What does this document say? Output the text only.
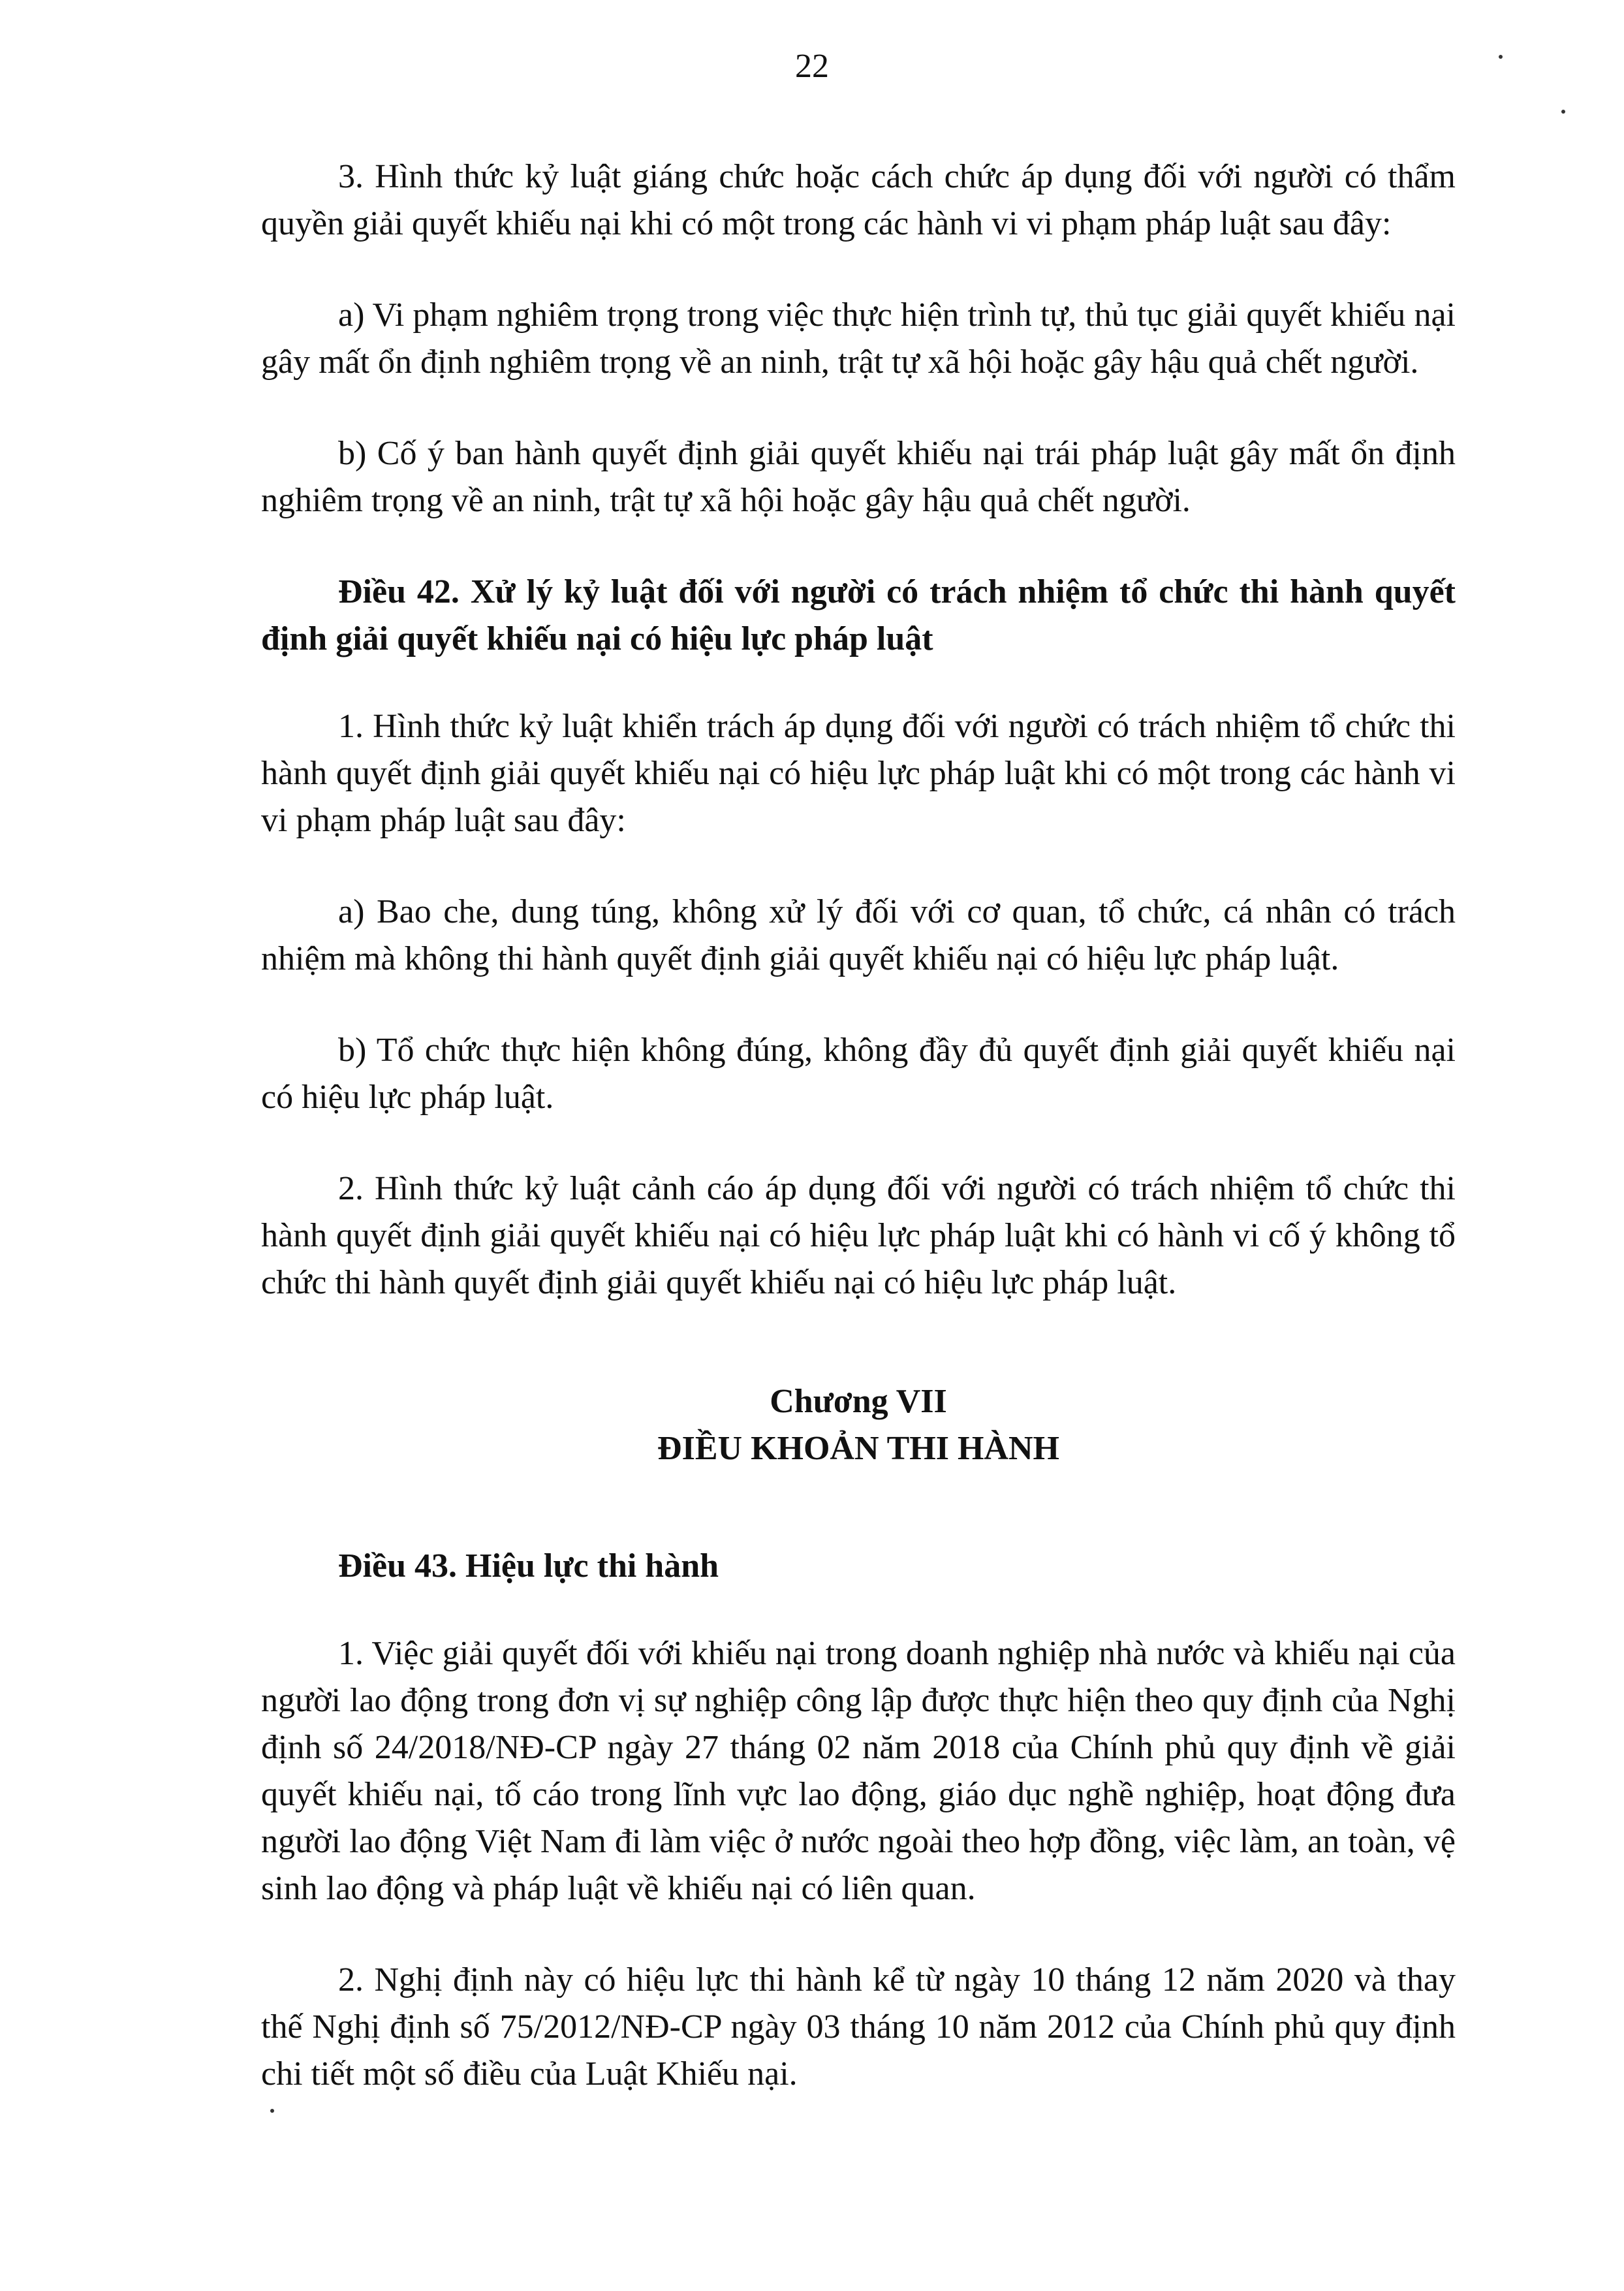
22

3. Hình thức kỷ luật giáng chức hoặc cách chức áp dụng đối với người có thẩm quyền giải quyết khiếu nại khi có một trong các hành vi vi phạm pháp luật sau đây:

a) Vi phạm nghiêm trọng trong việc thực hiện trình tự, thủ tục giải quyết khiếu nại gây mất ổn định nghiêm trọng về an ninh, trật tự xã hội hoặc gây hậu quả chết người.

b) Cố ý ban hành quyết định giải quyết khiếu nại trái pháp luật gây mất ổn định nghiêm trọng về an ninh, trật tự xã hội hoặc gây hậu quả chết người.

Điều 42. Xử lý kỷ luật đối với người có trách nhiệm tổ chức thi hành quyết định giải quyết khiếu nại có hiệu lực pháp luật

1. Hình thức kỷ luật khiển trách áp dụng đối với người có trách nhiệm tổ chức thi hành quyết định giải quyết khiếu nại có hiệu lực pháp luật khi có một trong các hành vi vi phạm pháp luật sau đây:

a) Bao che, dung túng, không xử lý đối với cơ quan, tổ chức, cá nhân có trách nhiệm mà không thi hành quyết định giải quyết khiếu nại có hiệu lực pháp luật.

b) Tổ chức thực hiện không đúng, không đầy đủ quyết định giải quyết khiếu nại có hiệu lực pháp luật.

2. Hình thức kỷ luật cảnh cáo áp dụng đối với người có trách nhiệm tổ chức thi hành quyết định giải quyết khiếu nại có hiệu lực pháp luật khi có hành vi cố ý không tổ chức thi hành quyết định giải quyết khiếu nại có hiệu lực pháp luật.

Chương VII
ĐIỀU KHOẢN THI HÀNH
Điều 43. Hiệu lực thi hành

1. Việc giải quyết đối với khiếu nại trong doanh nghiệp nhà nước và khiếu nại của người lao động trong đơn vị sự nghiệp công lập được thực hiện theo quy định của Nghị định số 24/2018/NĐ-CP ngày 27 tháng 02 năm 2018 của Chính phủ quy định về giải quyết khiếu nại, tố cáo trong lĩnh vực lao động, giáo dục nghề nghiệp, hoạt động đưa người lao động Việt Nam đi làm việc ở nước ngoài theo hợp đồng, việc làm, an toàn, vệ sinh lao động và pháp luật về khiếu nại có liên quan.

2. Nghị định này có hiệu lực thi hành kể từ ngày 10 tháng 12 năm 2020 và thay thế Nghị định số 75/2012/NĐ-CP ngày 03 tháng 10 năm 2012 của Chính phủ quy định chi tiết một số điều của Luật Khiếu nại.
